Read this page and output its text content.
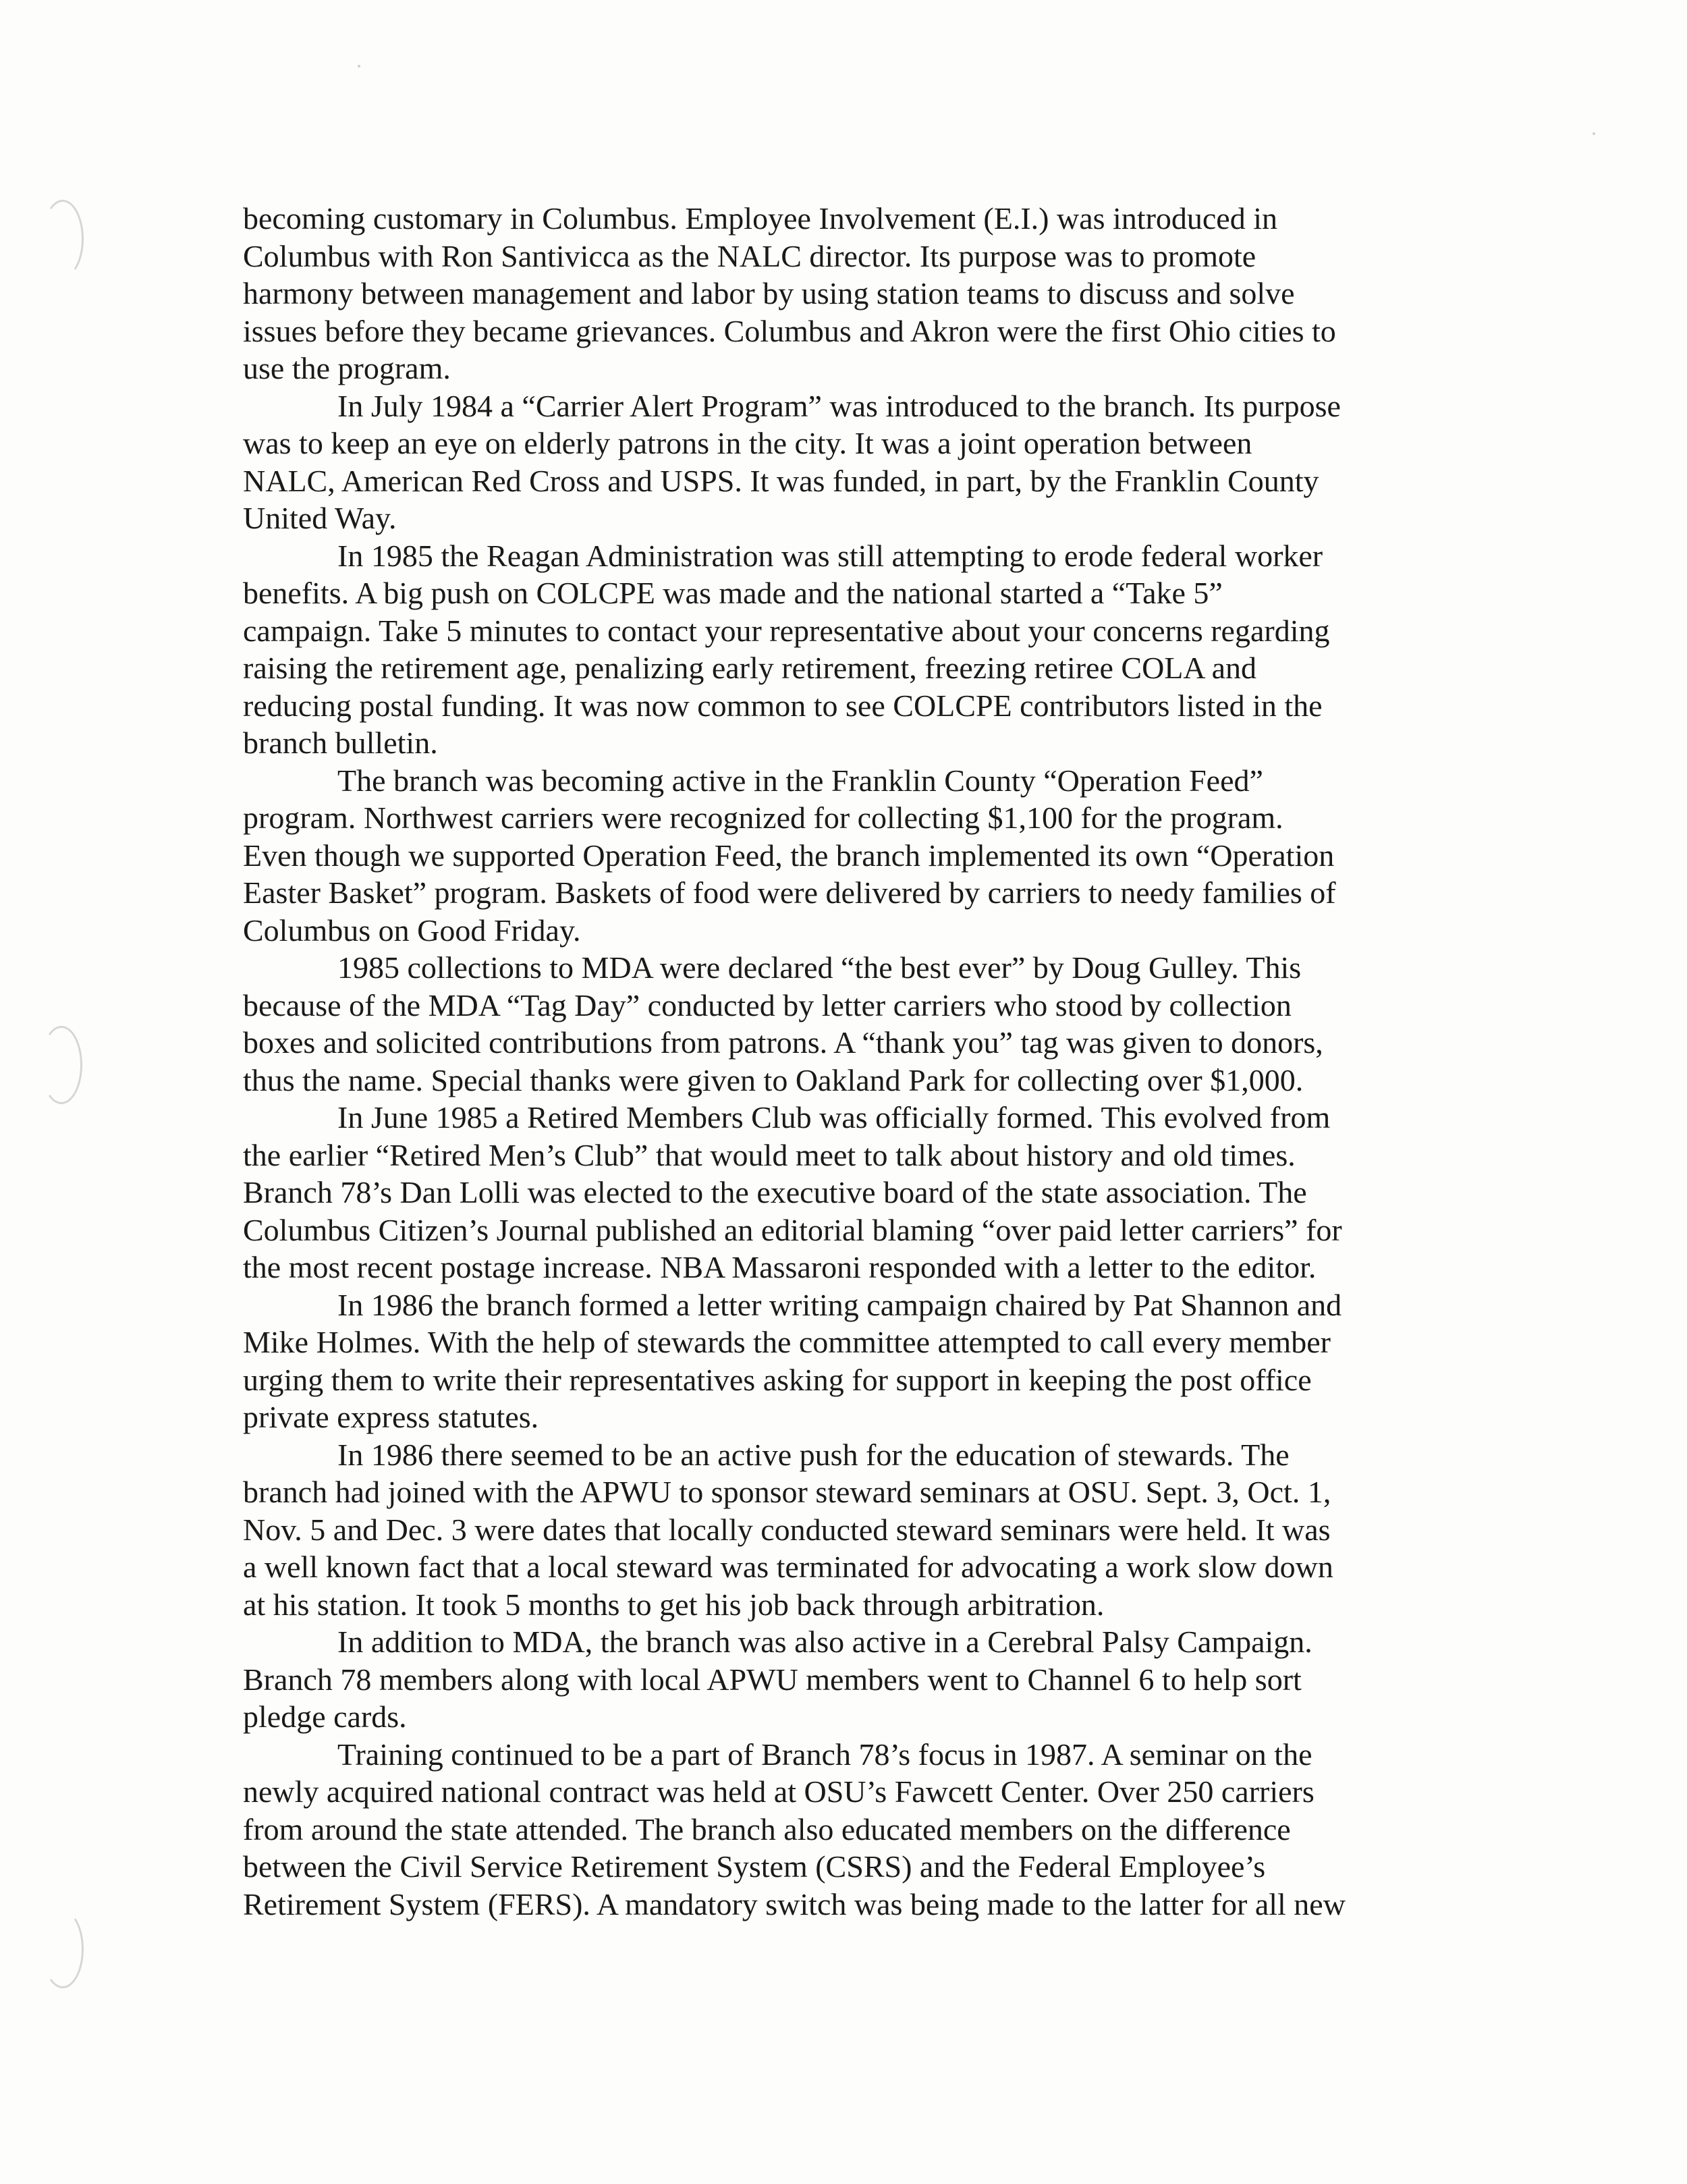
becoming customary in Columbus. Employee Involvement (E.I.) was introduced in
Columbus with Ron Santivicca as the NALC director. Its purpose was to promote
harmony between management and labor by using station teams to discuss and solve
issues before they became grievances. Columbus and Akron were the first Ohio cities to
use the program.

In July 1984 a “Carrier Alert Program” was introduced to the branch. Its purpose
was to keep an eye on elderly patrons in the city. It was a joint operation between
NALC, American Red Cross and USPS. It was funded, in part, by the Franklin County
United Way.

In 1985 the Reagan Administration was still attempting to erode federal worker
benefits. A big push on COLCPE was made and the national started a “Take 5”
campaign. Take 5 minutes to contact your representative about your concerns regarding
raising the retirement age, penalizing early retirement, freezing retiree COLA and
reducing postal funding. It was now common to see COLCPE contributors listed in the
branch bulletin.

The branch was becoming active in the Franklin County “Operation Feed”
program. Northwest carriers were recognized for collecting $1,100 for the program.
Even though we supported Operation Feed, the branch implemented its own “Operation
Easter Basket” program. Baskets of food were delivered by carriers to needy families of
Columbus on Good Friday.

1985 collections to MDA were declared “the best ever” by Doug Gulley. This
because of the MDA “Tag Day” conducted by letter carriers who stood by collection
boxes and solicited contributions from patrons. A “thank you” tag was given to donors,
thus the name. Special thanks were given to Oakland Park for collecting over $1,000.

In June 1985 a Retired Members Club was officially formed. This evolved from
the earlier “Retired Men’s Club” that would meet to talk about history and old times.
Branch 78’s Dan Lolli was elected to the executive board of the state association. The
Columbus Citizen’s Journal published an editorial blaming “over paid letter carriers” for
the most recent postage increase. NBA Massaroni responded with a letter to the editor.

In 1986 the branch formed a letter writing campaign chaired by Pat Shannon and
Mike Holmes. With the help of stewards the committee attempted to call every member
urging them to write their representatives asking for support in keeping the post office
private express statutes.

In 1986 there seemed to be an active push for the education of stewards. The
branch had joined with the APWU to sponsor steward seminars at OSU. Sept. 3, Oct. 1,
Nov. 5 and Dec. 3 were dates that locally conducted steward seminars were held. It was
a well known fact that a local steward was terminated for advocating a work slow down
at his station. It took 5 months to get his job back through arbitration.

In addition to MDA, the branch was also active in a Cerebral Palsy Campaign.
Branch 78 members along with local APWU members went to Channel 6 to help sort
pledge cards.

Training continued to be a part of Branch 78’s focus in 1987. A seminar on the
newly acquired national contract was held at OSU’s Fawcett Center. Over 250 carriers
from around the state attended. The branch also educated members on the difference
between the Civil Service Retirement System (CSRS) and the Federal Employee’s
Retirement System (FERS). A mandatory switch was being made to the latter for all new
